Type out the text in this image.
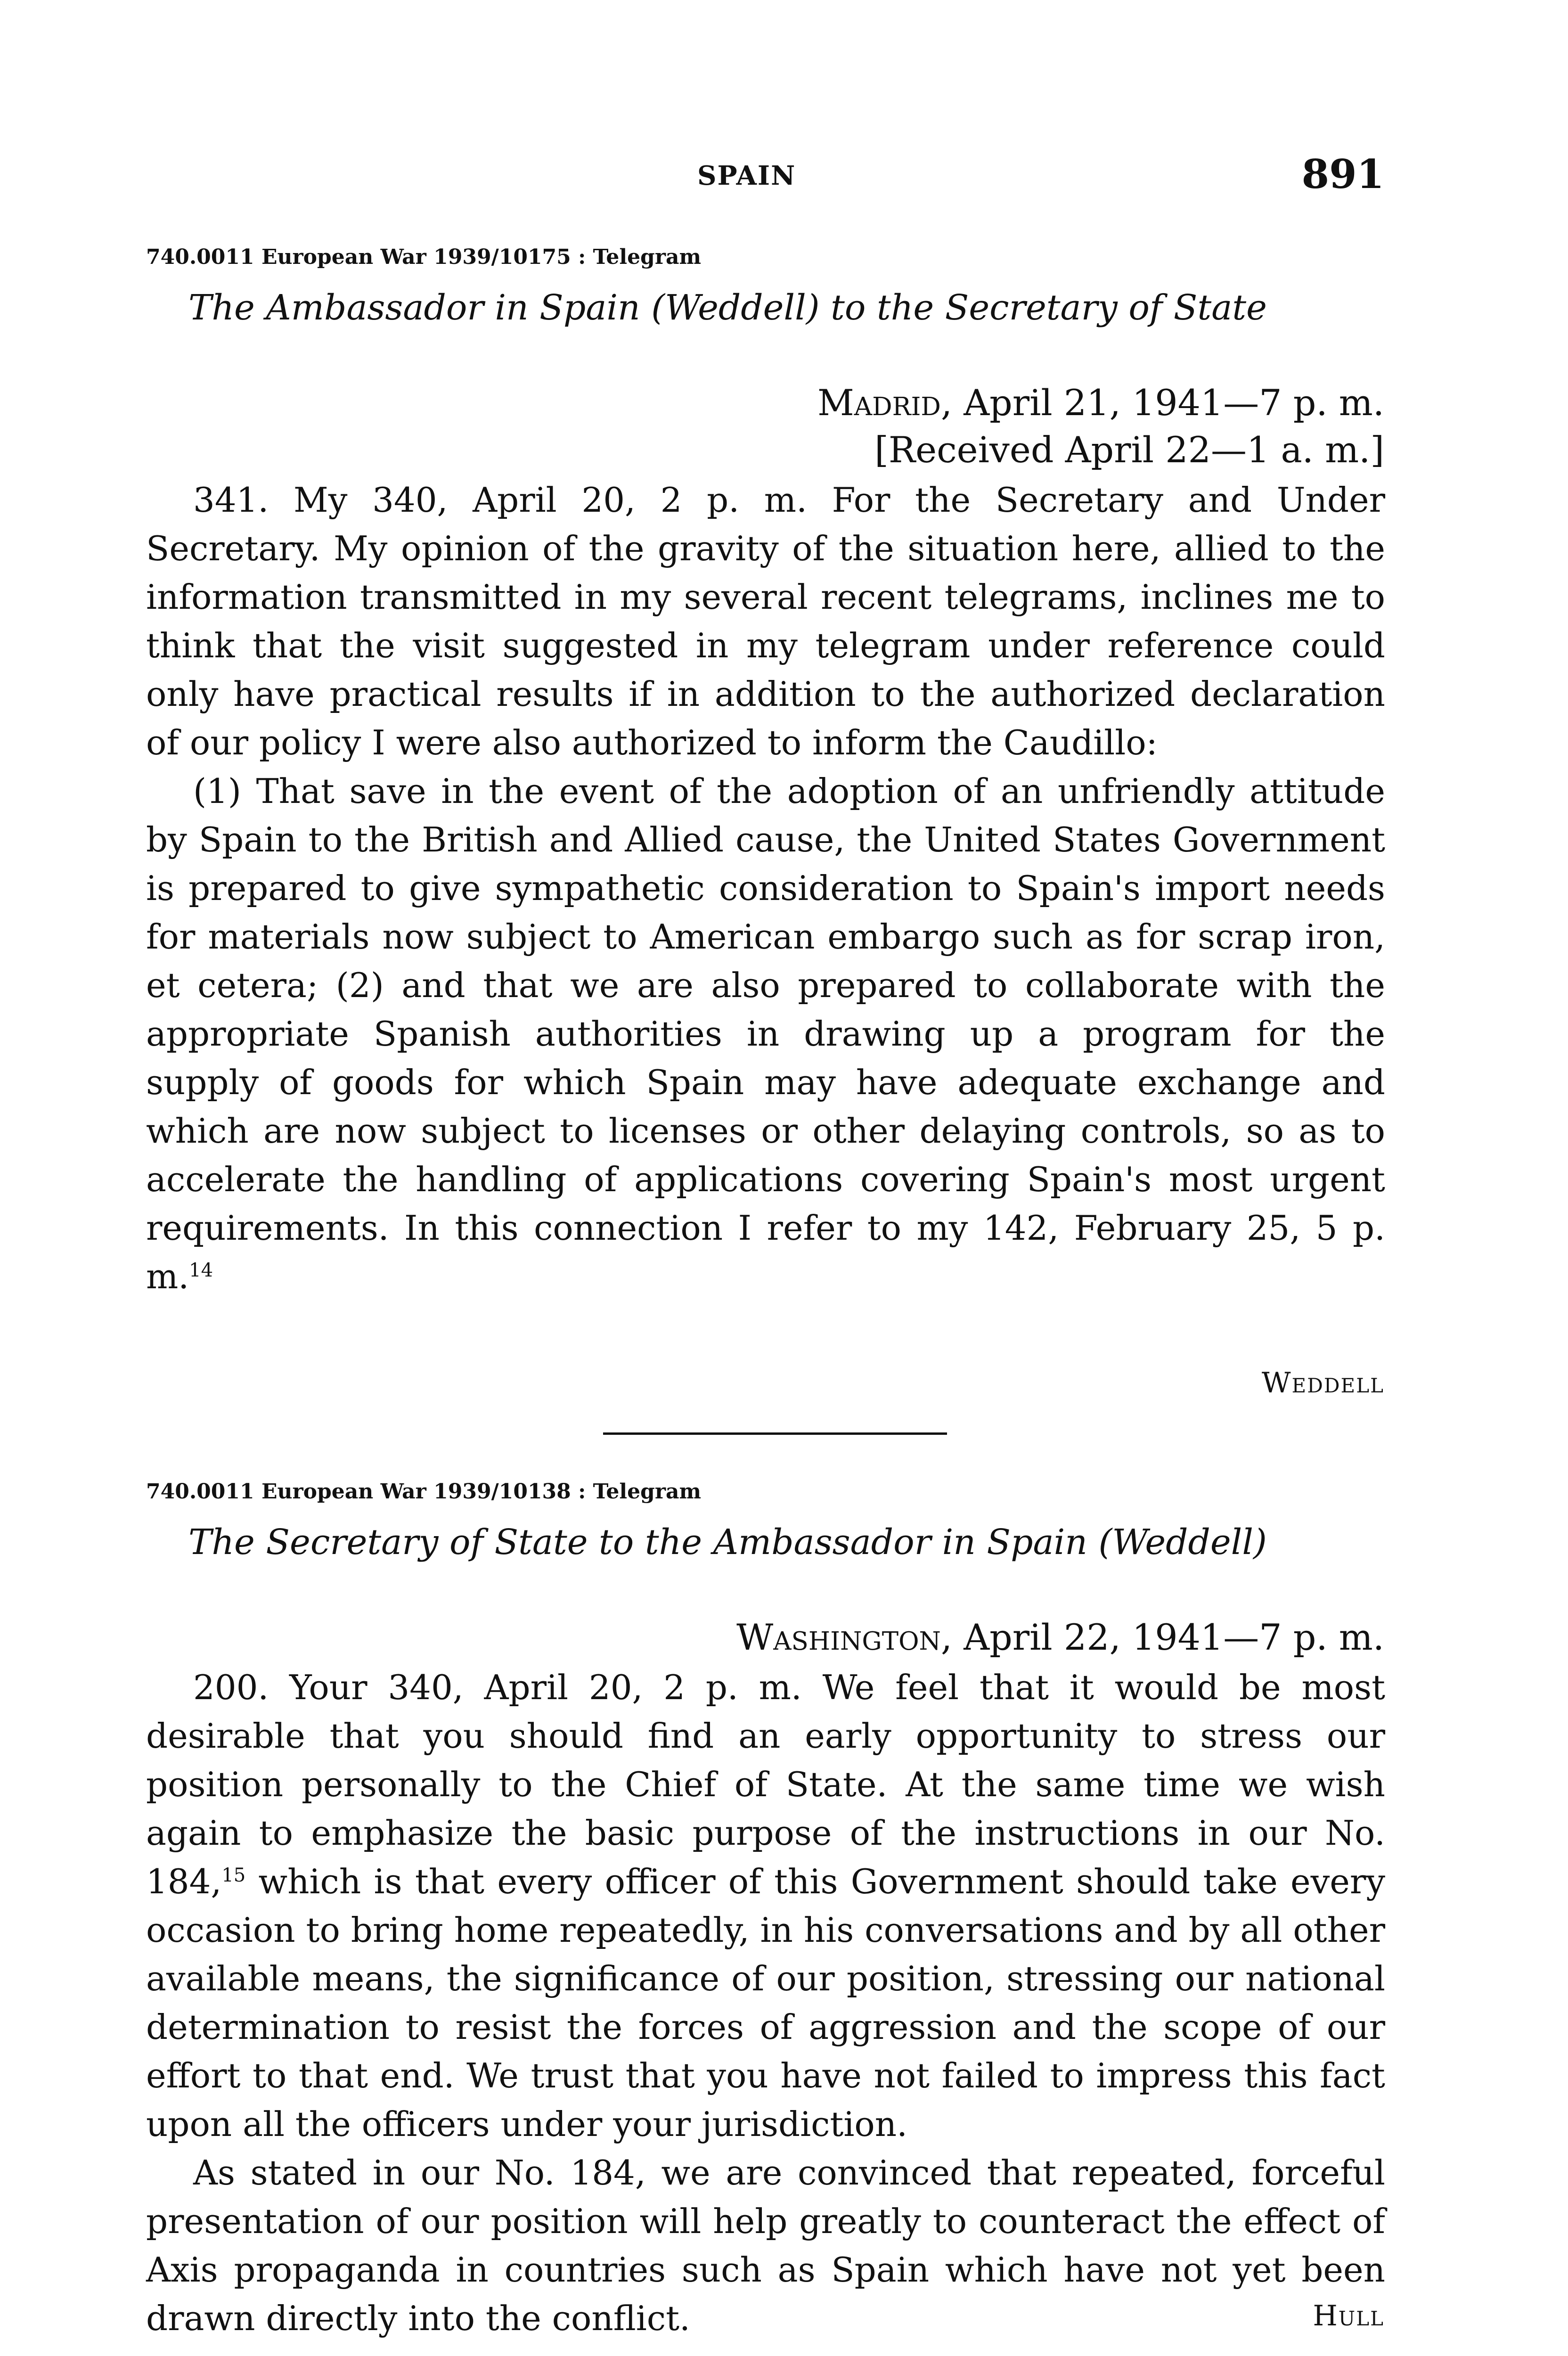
SPAIN	891
740.0011 European War 1939/10175 : Telegram
The Ambassador in Spain (Weddell) to the Secretary of State
Madrid, April 21, 1941—7 p. m.
[Received April 22—1 a. m.]

341. My 340, April 20, 2 p. m. For the Secretary and Under Secretary. My opinion of the gravity of the situation here, allied to the information transmitted in my several recent telegrams, inclines me to think that the visit suggested in my telegram under reference could only have practical results if in addition to the authorized declaration of our policy I were also authorized to inform the Caudillo:

(1) That save in the event of the adoption of an unfriendly attitude by Spain to the British and Allied cause, the United States Government is prepared to give sympathetic consideration to Spain's import needs for materials now subject to American embargo such as for scrap iron, et cetera; (2) and that we are also prepared to collaborate with the appropriate Spanish authorities in drawing up a program for the supply of goods for which Spain may have adequate exchange and which are now subject to licenses or other delaying controls, so as to accelerate the handling of applications covering Spain's most urgent requirements. In this connection I refer to my 142, February 25, 5 p. m.$^{14}$

Weddell
740.0011 European War 1939/10138 : Telegram
The Secretary of State to the Ambassador in Spain (Weddell)
Washington, April 22, 1941—7 p. m.

200. Your 340, April 20, 2 p. m. We feel that it would be most desirable that you should find an early opportunity to stress our position personally to the Chief of State. At the same time we wish again to emphasize the basic purpose of the instructions in our No. 184,15 which is that every officer of this Government should take every occasion to bring home repeatedly, in his conversations and by all other available means, the significance of our position, stressing our national determination to resist the forces of aggression and the scope of our effort to that end. We trust that you have not failed to impress this fact upon all the officers under your jurisdiction.

As stated in our No. 184, we are convinced that repeated, forceful presentation of our position will help greatly to counteract the effect of Axis propaganda in countries such as Spain which have not yet been drawn directly into the conflict.	Hull
